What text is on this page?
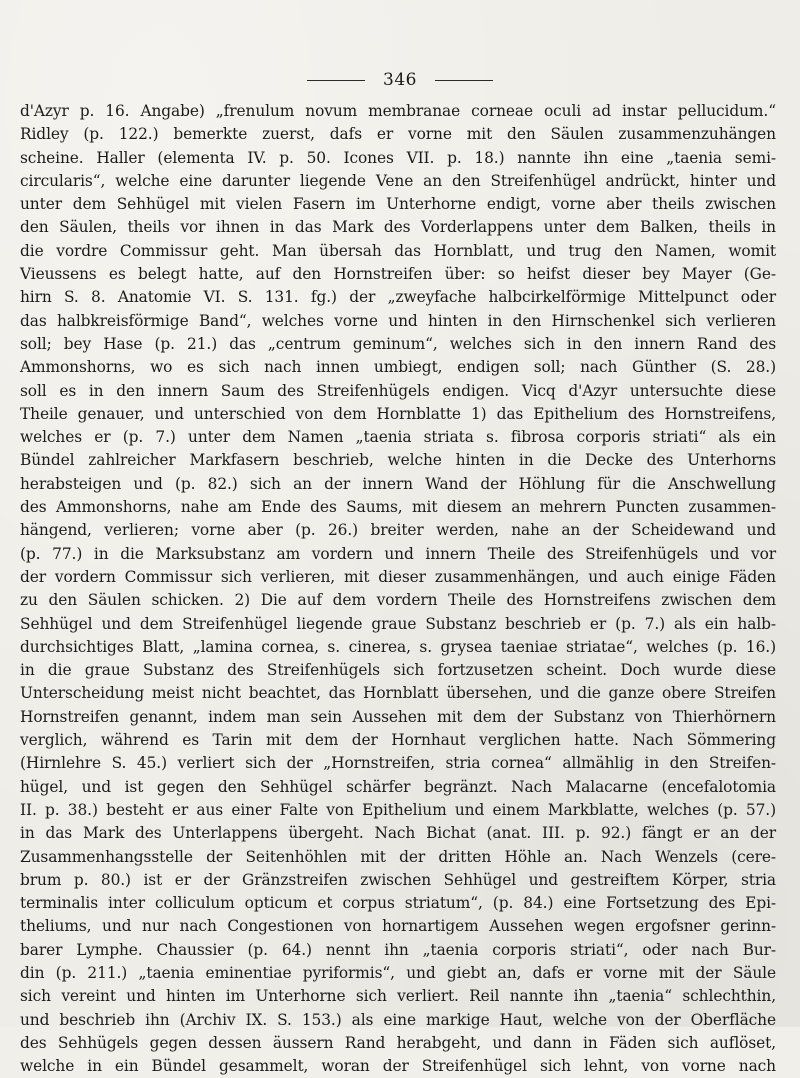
346
d'Azyr p. 16. Angabe) „frenulum novum membranae corneae oculi ad instar pellucidum.“
Ridley (p. 122.) bemerkte zuerst, dafs er vorne mit den Säulen zusammenzuhängen
scheine. Haller (elementa IV. p. 50. Icones VII. p. 18.) nannte ihn eine „taenia semi-
circularis“, welche eine darunter liegende Vene an den Streifenhügel andrückt, hinter und
unter dem Sehhügel mit vielen Fasern im Unterhorne endigt, vorne aber theils zwischen
den Säulen, theils vor ihnen in das Mark des Vorderlappens unter dem Balken, theils in
die vordre Commissur geht. Man übersah das Hornblatt, und trug den Namen, womit
Vieussens es belegt hatte, auf den Hornstreifen über: so heifst dieser bey Mayer (Ge-
hirn S. 8. Anatomie VI. S. 131. fg.) der „zweyfache halbcirkelförmige Mittelpunct oder
das halbkreisförmige Band“, welches vorne und hinten in den Hirnschenkel sich verlieren
soll; bey Hase (p. 21.) das „centrum geminum“, welches sich in den innern Rand des
Ammonshorns, wo es sich nach innen umbiegt, endigen soll; nach Günther (S. 28.)
soll es in den innern Saum des Streifenhügels endigen. Vicq d'Azyr untersuchte diese
Theile genauer, und unterschied von dem Hornblatte 1) das Epithelium des Hornstreifens,
welches er (p. 7.) unter dem Namen „taenia striata s. fibrosa corporis striati“ als ein
Bündel zahlreicher Markfasern beschrieb, welche hinten in die Decke des Unterhorns
herabsteigen und (p. 82.) sich an der innern Wand der Höhlung für die Anschwellung
des Ammonshorns, nahe am Ende des Saums, mit diesem an mehrern Puncten zusammen-
hängend, verlieren; vorne aber (p. 26.) breiter werden, nahe an der Scheidewand und
(p. 77.) in die Marksubstanz am vordern und innern Theile des Streifenhügels und vor
der vordern Commissur sich verlieren, mit dieser zusammenhängen, und auch einige Fäden
zu den Säulen schicken. 2) Die auf dem vordern Theile des Hornstreifens zwischen dem
Sehhügel und dem Streifenhügel liegende graue Substanz beschrieb er (p. 7.) als ein halb-
durchsichtiges Blatt, „lamina cornea, s. cinerea, s. grysea taeniae striatae“, welches (p. 16.)
in die graue Substanz des Streifenhügels sich fortzusetzen scheint. Doch wurde diese
Unterscheidung meist nicht beachtet, das Hornblatt übersehen, und die ganze obere Streifen
Hornstreifen genannt, indem man sein Aussehen mit dem der Substanz von Thierhörnern
verglich, während es Tarin mit dem der Hornhaut verglichen hatte. Nach Sömmering
(Hirnlehre S. 45.) verliert sich der „Hornstreifen, stria cornea“ allmählig in den Streifen-
hügel, und ist gegen den Sehhügel schärfer begränzt. Nach Malacarne (encefalotomia
II. p. 38.) besteht er aus einer Falte von Epithelium und einem Markblatte, welches (p. 57.)
in das Mark des Unterlappens übergeht. Nach Bichat (anat. III. p. 92.) fängt er an der
Zusammenhangsstelle der Seitenhöhlen mit der dritten Höhle an. Nach Wenzels (cere-
brum p. 80.) ist er der Gränzstreifen zwischen Sehhügel und gestreiftem Körper, stria
terminalis inter colliculum opticum et corpus striatum“, (p. 84.) eine Fortsetzung des Epi-
theliums, und nur nach Congestionen von hornartigem Aussehen wegen ergofsner gerinn-
barer Lymphe. Chaussier (p. 64.) nennt ihn „taenia corporis striati“, oder nach Bur-
din (p. 211.) „taenia eminentiae pyriformis“, und giebt an, dafs er vorne mit der Säule
sich vereint und hinten im Unterhorne sich verliert. Reil nannte ihn „taenia“ schlechthin,
und beschrieb ihn (Archiv IX. S. 153.) als eine markige Haut, welche von der Oberfläche
des Sehhügels gegen dessen äussern Rand herabgeht, und dann in Fäden sich auflöset,
welche in ein Bündel gesammelt, woran der Streifenhügel sich lehnt, von vorne nach
